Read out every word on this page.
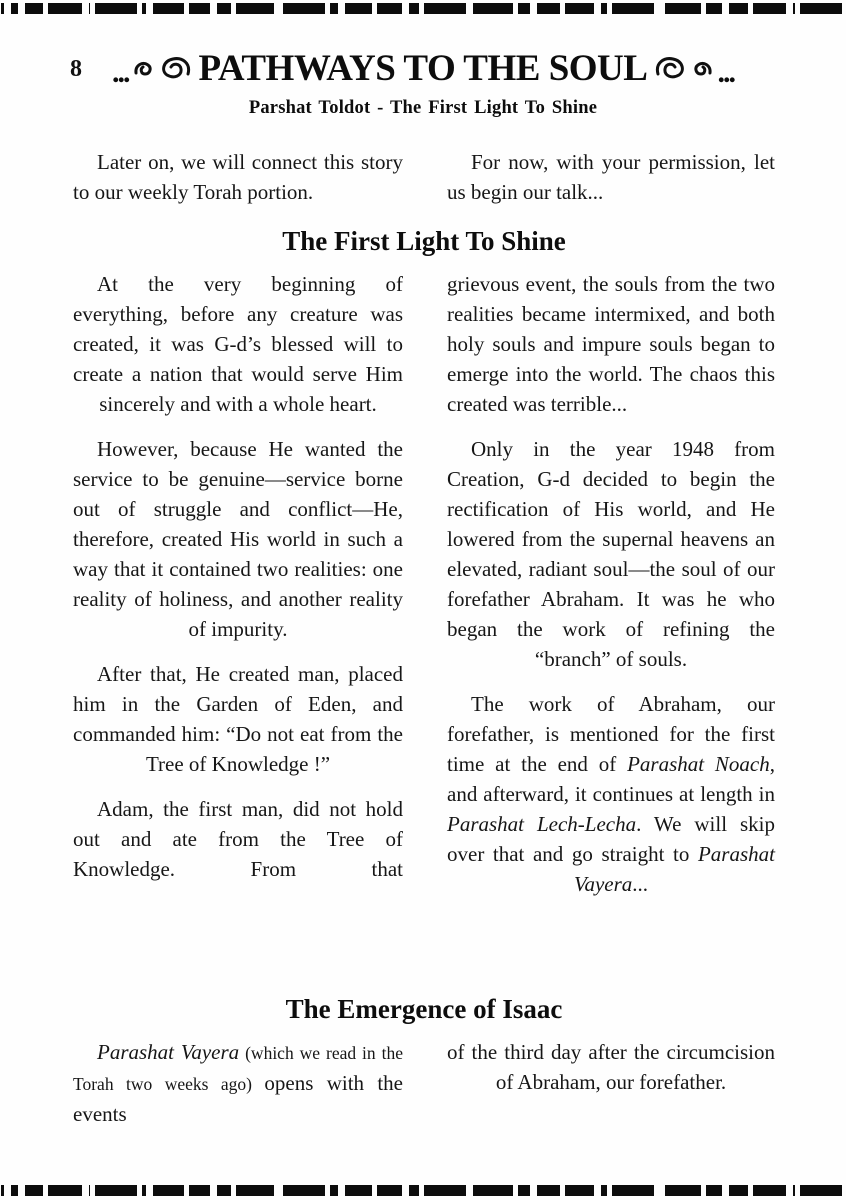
8 ... PATHWAYS TO THE SOUL ...
Parshat Toldot - The First Light To Shine

Later on, we will connect this story to our weekly Torah portion.

For now, with your permission, let us begin our talk...

The First Light To Shine

At the very beginning of everything, before any creature was created, it was G-d’s blessed will to create a nation that would serve Him sincerely and with a whole heart.

However, because He wanted the service to be genuine—service borne out of struggle and conflict—He, therefore, created His world in such a way that it contained two realities: one reality of holiness, and another reality of impurity.

After that, He created man, placed him in the Garden of Eden, and commanded him: “Do not eat from the Tree of Knowledge !”

Adam, the first man, did not hold out and ate from the Tree of Knowledge. From that

grievous event, the souls from the two realities became intermixed, and both holy souls and impure souls began to emerge into the world. The chaos this created was terrible...

Only in the year 1948 from Creation, G-d decided to begin the rectification of His world, and He lowered from the supernal heavens an elevated, radiant soul—the soul of our forefather Abraham. It was he who began the work of refining the “branch” of souls.

The work of Abraham, our forefather, is mentioned for the first time at the end of Parashat Noach, and afterward, it continues at length in Parashat Lech-Lecha. We will skip over that and go straight to Parashat Vayera...

The Emergence of Isaac

Parashat Vayera (which we read in the Torah two weeks ago) opens with the events

of the third day after the circumcision of Abraham, our forefather.
